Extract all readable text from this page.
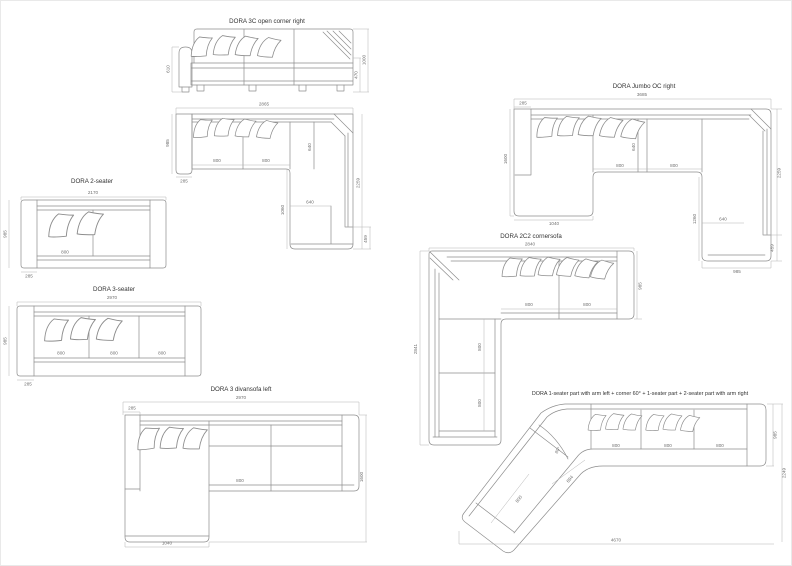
DORA 3C open corner right
610
470
1000
2865
985
285
800	800
640
640
1060
2259
459
DORA 2-seater
2170
985
800
285
DORA 3-seater
2970
985
800	800	800
285
DORA 3 divansofa left
2970
285
800
1040
1600
DORA Jumbo OC right
3685
285
1600
640
800	800
1040
2259
1260	640
459
985
DORA 2C2 cornersofa
2840
985
800	800
800
800
2841
DORA 1-seater part with arm left + corner 60° + 1-seater part + 2-seater part with arm right
800	800	800
60°
694
800
4670
985
2249
